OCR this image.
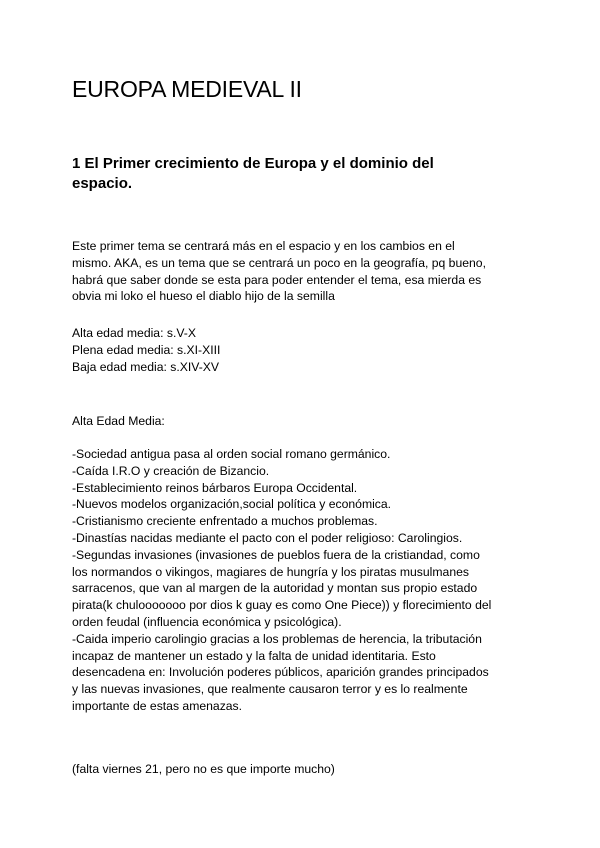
EUROPA MEDIEVAL II
1 El Primer crecimiento de Europa y el dominio del
espacio.

Este primer tema se centrará más en el espacio y en los cambios en el
mismo. AKA, es un tema que se centrará un poco en la geografía, pq bueno,
habrá que saber donde se esta para poder entender el tema, esa mierda es
obvia mi loko el hueso el diablo hijo de la semilla

Alta edad media: s.V-X
Plena edad media: s.XI-XIII
Baja edad media: s.XIV-XV

Alta Edad Media:

-Sociedad antigua pasa al orden social romano germánico.
-Caída I.R.O y creación de Bizancio.
-Establecimiento reinos bárbaros Europa Occidental.
-Nuevos modelos organización,social política y económica.
-Cristianismo creciente enfrentado a muchos problemas.
-Dinastías nacidas mediante el pacto con el poder religioso: Carolingios.
-Segundas invasiones (invasiones de pueblos fuera de la cristiandad, como
los normandos o vikingos, magiares de hungría y los piratas musulmanes
sarracenos, que van al margen de la autoridad y montan sus propio estado
pirata(k chulooooooo por dios k guay es como One Piece)) y florecimiento del
orden feudal (influencia económica y psicológica).
-Caida imperio carolingio gracias a los problemas de herencia, la tributación
incapaz de mantener un estado y la falta de unidad identitaria. Esto
desencadena en: Involución poderes públicos, aparición grandes principados
y las nuevas invasiones, que realmente causaron terror y es lo realmente
importante de estas amenazas.

(falta viernes 21, pero no es que importe mucho)
